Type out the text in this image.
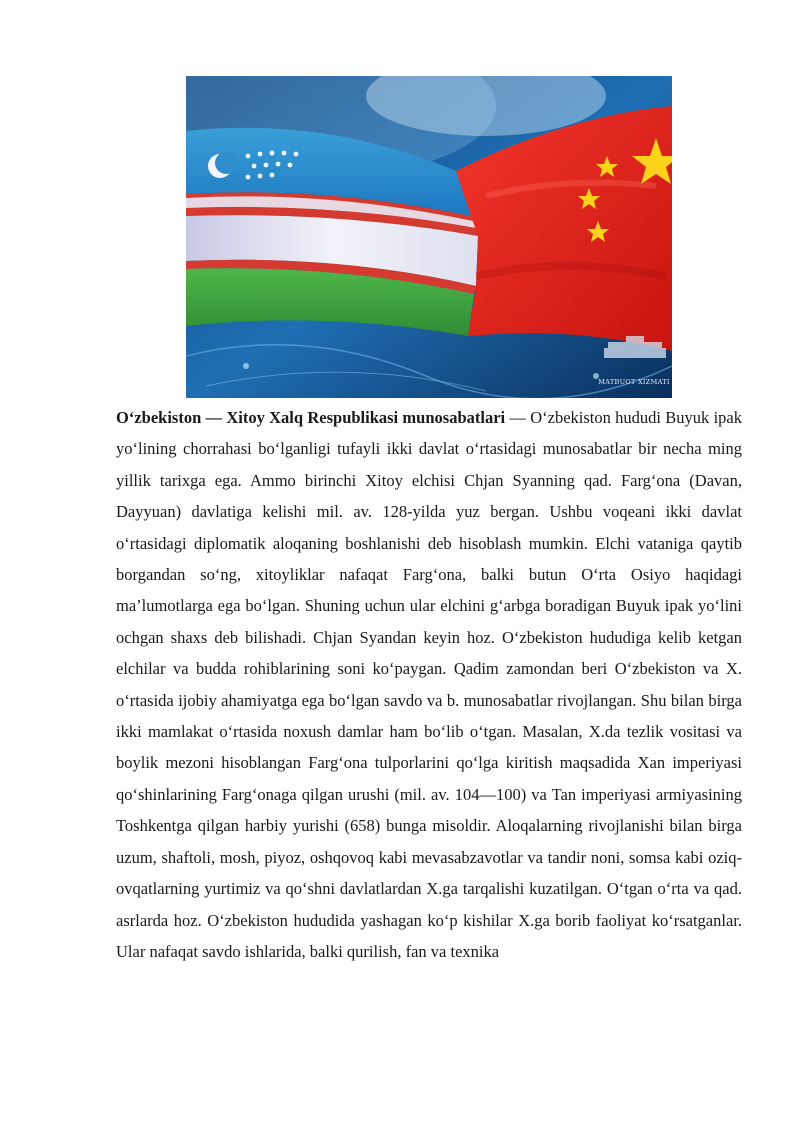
MATBUOT XIZMATI

O‘zbekiston — Xitoy Xalq Respublikasi munosabatlari — O‘zbekiston hududi Buyuk ipak yo‘lining chorrahasi bo‘lganligi tufayli ikki davlat o‘rtasidagi munosabatlar bir necha ming yillik tarixga ega. Ammo birinchi Xitoy elchisi Chjan Syanning qad. Farg‘ona (Davan, Dayyuan) davlatiga kelishi mil. av. 128-yilda yuz bergan. Ushbu voqeani ikki davlat o‘rtasidagi diplomatik aloqaning boshlanishi deb hisoblash mumkin. Elchi vataniga qaytib borgandan so‘ng, xitoyliklar nafaqat Farg‘ona, balki butun O‘rta Osiyo haqidagi ma’lumotlarga ega bo‘lgan. Shuning uchun ular elchini g‘arbga boradigan Buyuk ipak yo‘lini ochgan shaxs deb bilishadi. Chjan Syandan keyin hoz. O‘zbekiston hududiga kelib ketgan elchilar va budda rohiblarining soni ko‘paygan. Qadim zamondan beri O‘zbekiston va X. o‘rtasida ijobiy ahamiyatga ega bo‘lgan savdo va b. munosabatlar rivojlangan. Shu bilan birga ikki mamlakat o‘rtasida noxush damlar ham bo‘lib o‘tgan. Masalan, X.da tezlik vositasi va boylik mezoni hisoblangan Farg‘ona tulporlarini qo‘lga kiritish maqsadida Xan imperiyasi qo‘shinlarining Farg‘onaga qilgan urushi (mil. av. 104—100) va Tan imperiyasi armiyasining Toshkentga qilgan harbiy yurishi (658) bunga misoldir. Aloqalarning rivojlanishi bilan birga uzum, shaftoli, mosh, piyoz, oshqovoq kabi mevasabzavotlar va tandir noni, somsa kabi oziq-ovqatlarning yurtimiz va qo‘shni davlatlardan X.ga tarqalishi kuzatilgan. O‘tgan o‘rta va qad. asrlarda hoz. O‘zbekiston hududida yashagan ko‘p kishilar X.ga borib faoliyat ko‘rsatganlar. Ular nafaqat savdo ishlarida, balki qurilish, fan va texnika
